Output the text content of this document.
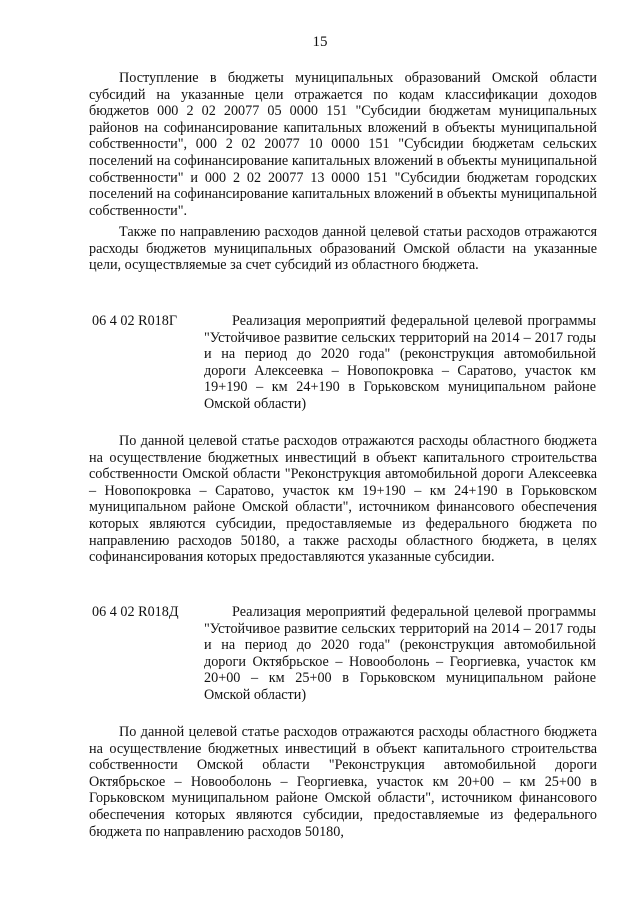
15

Поступление в бюджеты муниципальных образований Омской области субсидий на указанные цели отражается по кодам классификации доходов бюджетов 000 2 02 20077 05 0000 151 "Субсидии бюджетам муниципальных районов на софинансирование капитальных вложений в объекты муниципальной собственности", 000 2 02 20077 10 0000 151 "Субсидии бюджетам сельских поселений на софинансирование капитальных вложений в объекты муниципальной собственности" и 000 2 02 20077 13 0000 151 "Субсидии бюджетам городских поселений на софинансирование капитальных вложений в объекты муниципальной собственности".

Также по направлению расходов данной целевой статьи расходов отражаются расходы бюджетов муниципальных образований Омской области на указанные цели, осуществляемые за счет субсидий из областного бюджета.

06 4 02 R018Г	Реализация мероприятий федеральной целевой программы "Устойчивое развитие сельских территорий на 2014 – 2017 годы и на период до 2020 года" (реконструкция автомобильной дороги Алексеевка – Новопокровка – Саратово, участок км 19+190 – км 24+190 в Горьковском муниципальном районе Омской области)

По данной целевой статье расходов отражаются расходы областного бюджета на осуществление бюджетных инвестиций в объект капитального строительства собственности Омской области "Реконструкция автомобильной дороги Алексеевка – Новопокровка – Саратово, участок км 19+190 – км 24+190 в Горьковском муниципальном районе Омской области", источником финансового обеспечения которых являются субсидии, предоставляемые из федерального бюджета по направлению расходов 50180, а также расходы областного бюджета, в целях софинансирования которых предоставляются указанные субсидии.

06 4 02 R018Д	Реализация мероприятий федеральной целевой программы "Устойчивое развитие сельских территорий на 2014 – 2017 годы и на период до 2020 года" (реконструкция автомобильной дороги Октябрьское – Новооболонь – Георгиевка, участок км 20+00 – км 25+00 в Горьковском муниципальном районе Омской области)

По данной целевой статье расходов отражаются расходы областного бюджета на осуществление бюджетных инвестиций в объект капитального строительства собственности Омской области "Реконструкция автомобильной дороги Октябрьское – Новооболонь – Георгиевка, участок км 20+00 – км 25+00 в Горьковском муниципальном районе Омской области", источником финансового обеспечения которых являются субсидии, предоставляемые из федерального бюджета по направлению расходов 50180,
